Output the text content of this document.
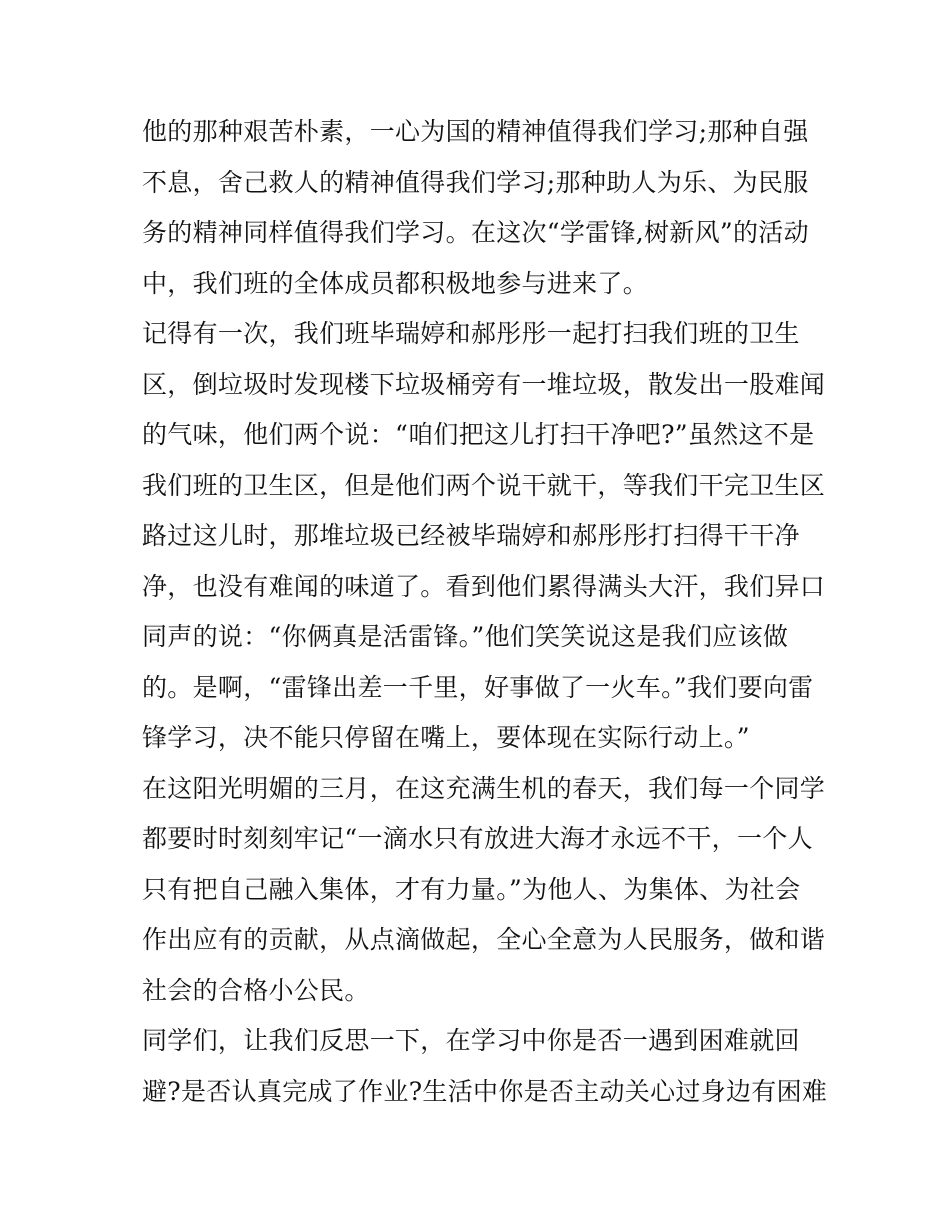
他的那种艰苦朴素，一心为国的精神值得我们学习;那种自强
不息，舍己救人的精神值得我们学习;那种助人为乐、为民服
务的精神同样值得我们学习。在这次“学雷锋,树新风”的活动
中，我们班的全体成员都积极地参与进来了。
记得有一次，我们班毕瑞婷和郝彤彤一起打扫我们班的卫生
区，倒垃圾时发现楼下垃圾桶旁有一堆垃圾，散发出一股难闻
的气味，他们两个说：“咱们把这儿打扫干净吧?”虽然这不是
我们班的卫生区，但是他们两个说干就干，等我们干完卫生区
路过这儿时，那堆垃圾已经被毕瑞婷和郝彤彤打扫得干干净
净，也没有难闻的味道了。看到他们累得满头大汗，我们异口
同声的说：“你俩真是活雷锋。”他们笑笑说这是我们应该做
的。是啊，“雷锋出差一千里，好事做了一火车。”我们要向雷
锋学习，决不能只停留在嘴上，要体现在实际行动上。”
在这阳光明媚的三月，在这充满生机的春天，我们每一个同学
都要时时刻刻牢记“一滴水只有放进大海才永远不干，一个人
只有把自己融入集体，才有力量。”为他人、为集体、为社会
作出应有的贡献，从点滴做起，全心全意为人民服务，做和谐
社会的合格小公民。
同学们，让我们反思一下，在学习中你是否一遇到困难就回
避?是否认真完成了作业?生活中你是否主动关心过身边有困难
